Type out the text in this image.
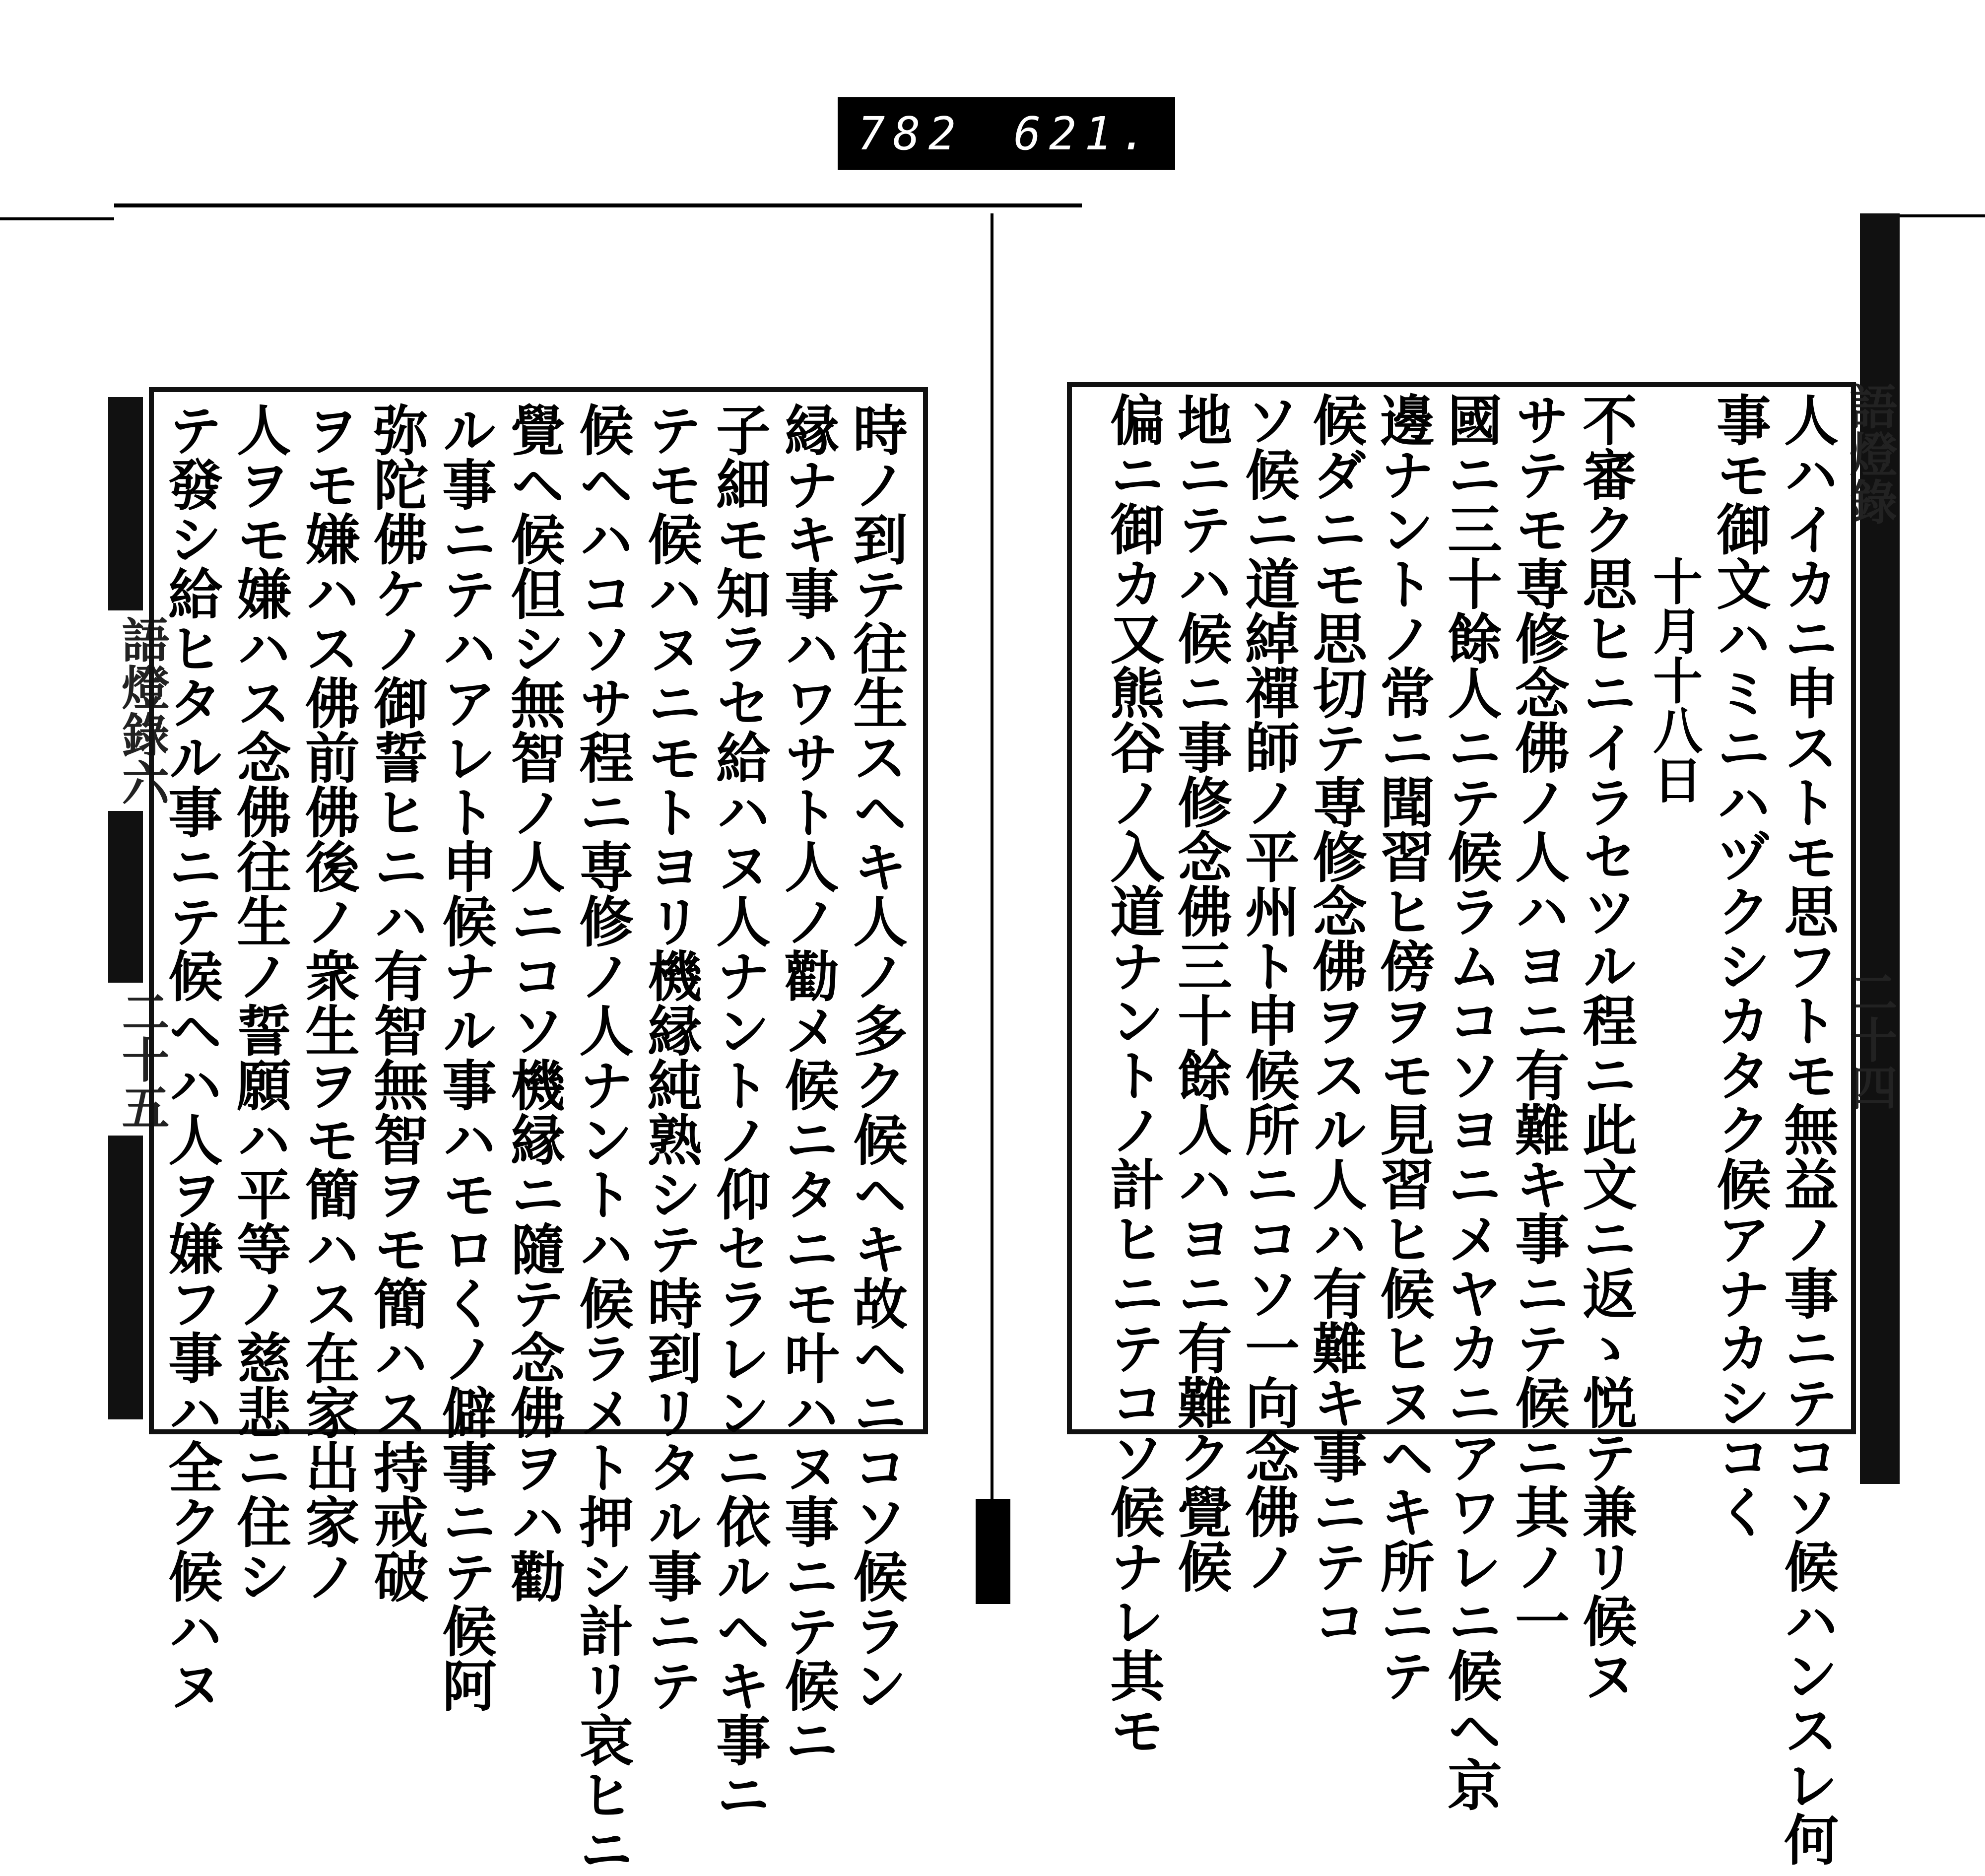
782 621.
語燈錄六
二十五
語燈錄
二十四
時ノ到テ往生スヘキ人ノ多ク候ヘキ故ヘニコソ候ラン
縁ナキ事ハワサト人ノ勸メ候ニタニモ叶ハヌ事ニテ候ニ
子細モ知ラセ給ハヌ人ナントノ仰セラレンニ依ルヘキ事ニ
テモ候ハヌニモトヨリ機縁純熟シテ時到リタル事ニテ
候ヘハコソサ程ニ専修ノ人ナントハ候ラメト押シ計リ哀ヒニ
覺ヘ候但シ無智ノ人ニコソ機縁ニ隨テ念佛ヲハ勸
ル事ニテハアレト申候ナル事ハモロくノ僻事ニテ候阿
弥陀佛ケノ御誓ヒニハ有智無智ヲモ簡ハス持戒破
ヲモ嫌ハス佛前佛後ノ衆生ヲモ簡ハス在家出家ノ
人ヲモ嫌ハス念佛往生ノ誓願ハ平等ノ慈悲ニ住シ
テ發シ給ヒタル事ニテ候ヘハ人ヲ嫌フ事ハ全ク候ハヌ	人ハイカニ申ストモ思フトモ無益ノ事ニテコソ候ハンスレ何
事モ御文ハミニハヅクシカタク候アナカシコく
十月十八日
不審ク思ヒニイラセツル程ニ此文ニ返ゝ悦テ兼リ候ヌ
サテモ専修念佛ノ人ハヨニ有難キ事ニテ候ニ其ノ一
國ニ三十餘人ニテ候ラムコソヨニメヤカニアワレニ候ヘ京
邊ナントノ常ニ聞習ヒ傍ヲモ見習ヒ候ヒヌヘキ所ニテ
候ダニモ思切テ専修念佛ヲスル人ハ有難キ事ニテコ
ソ候ニ道綽禪師ノ平州ト申候所ニコソ一向念佛ノ
地ニテハ候ニ事修念佛三十餘人ハヨニ有難ク覺候
偏ニ御カ又熊谷ノ入道ナントノ計ヒニテコソ候ナレ其モ
